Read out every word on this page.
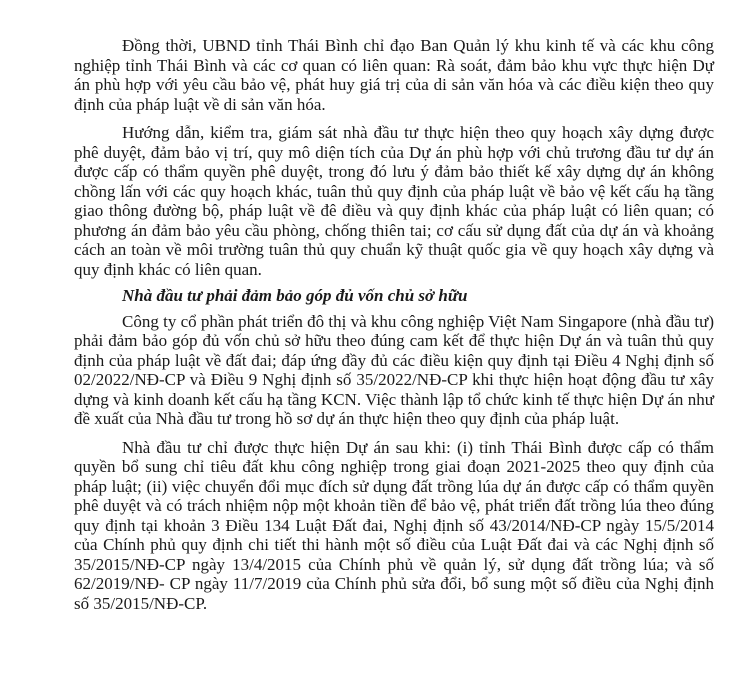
Đồng thời, UBND tỉnh Thái Bình chỉ đạo Ban Quản lý khu kinh tế và các khu công nghiệp tỉnh Thái Bình và các cơ quan có liên quan: Rà soát, đảm bảo khu vực thực hiện Dự án phù hợp với yêu cầu bảo vệ, phát huy giá trị của di sản văn hóa và các điều kiện theo quy định của pháp luật về di sản văn hóa.

Hướng dẫn, kiểm tra, giám sát nhà đầu tư thực hiện theo quy hoạch xây dựng được phê duyệt, đảm bảo vị trí, quy mô diện tích của Dự án phù hợp với chủ trương đầu tư dự án được cấp có thẩm quyền phê duyệt, trong đó lưu ý đảm bảo thiết kế xây dựng dự án không chồng lấn với các quy hoạch khác, tuân thủ quy định của pháp luật về bảo vệ kết cấu hạ tầng giao thông đường bộ, pháp luật về đê điều và quy định khác của pháp luật có liên quan; có phương án đảm bảo yêu cầu phòng, chống thiên tai; cơ cấu sử dụng đất của dự án và khoảng cách an toàn về môi trường tuân thủ quy chuẩn kỹ thuật quốc gia về quy hoạch xây dựng và quy định khác có liên quan.

Nhà đầu tư phải đảm bảo góp đủ vốn chủ sở hữu

Công ty cổ phần phát triển đô thị và khu công nghiệp Việt Nam Singapore (nhà đầu tư) phải đảm bảo góp đủ vốn chủ sở hữu theo đúng cam kết để thực hiện Dự án và tuân thủ quy định của pháp luật về đất đai; đáp ứng đầy đủ các điều kiện quy định tại Điều 4 Nghị định số 02/2022/NĐ-CP và Điều 9 Nghị định số 35/2022/NĐ-CP khi thực hiện hoạt động đầu tư xây dựng và kinh doanh kết cấu hạ tầng KCN. Việc thành lập tổ chức kinh tế thực hiện Dự án như đề xuất của Nhà đầu tư trong hồ sơ dự án thực hiện theo quy định của pháp luật.

Nhà đầu tư chỉ được thực hiện Dự án sau khi: (i) tỉnh Thái Bình được cấp có thẩm quyền bổ sung chỉ tiêu đất khu công nghiệp trong giai đoạn 2021-2025 theo quy định của pháp luật; (ii) việc chuyển đổi mục đích sử dụng đất trồng lúa dự án được cấp có thẩm quyền phê duyệt và có trách nhiệm nộp một khoản tiền để bảo vệ, phát triển đất trồng lúa theo đúng quy định tại khoản 3 Điều 134 Luật Đất đai, Nghị định số 43/2014/NĐ-CP ngày 15/5/2014 của Chính phủ quy định chi tiết thi hành một số điều của Luật Đất đai và các Nghị định số 35/2015/NĐ-CP ngày 13/4/2015 của Chính phủ về quản lý, sử dụng đất trồng lúa; và số 62/2019/NĐ- CP ngày 11/7/2019 của Chính phủ sửa đổi, bổ sung một số điều của Nghị định số 35/2015/NĐ-CP.
